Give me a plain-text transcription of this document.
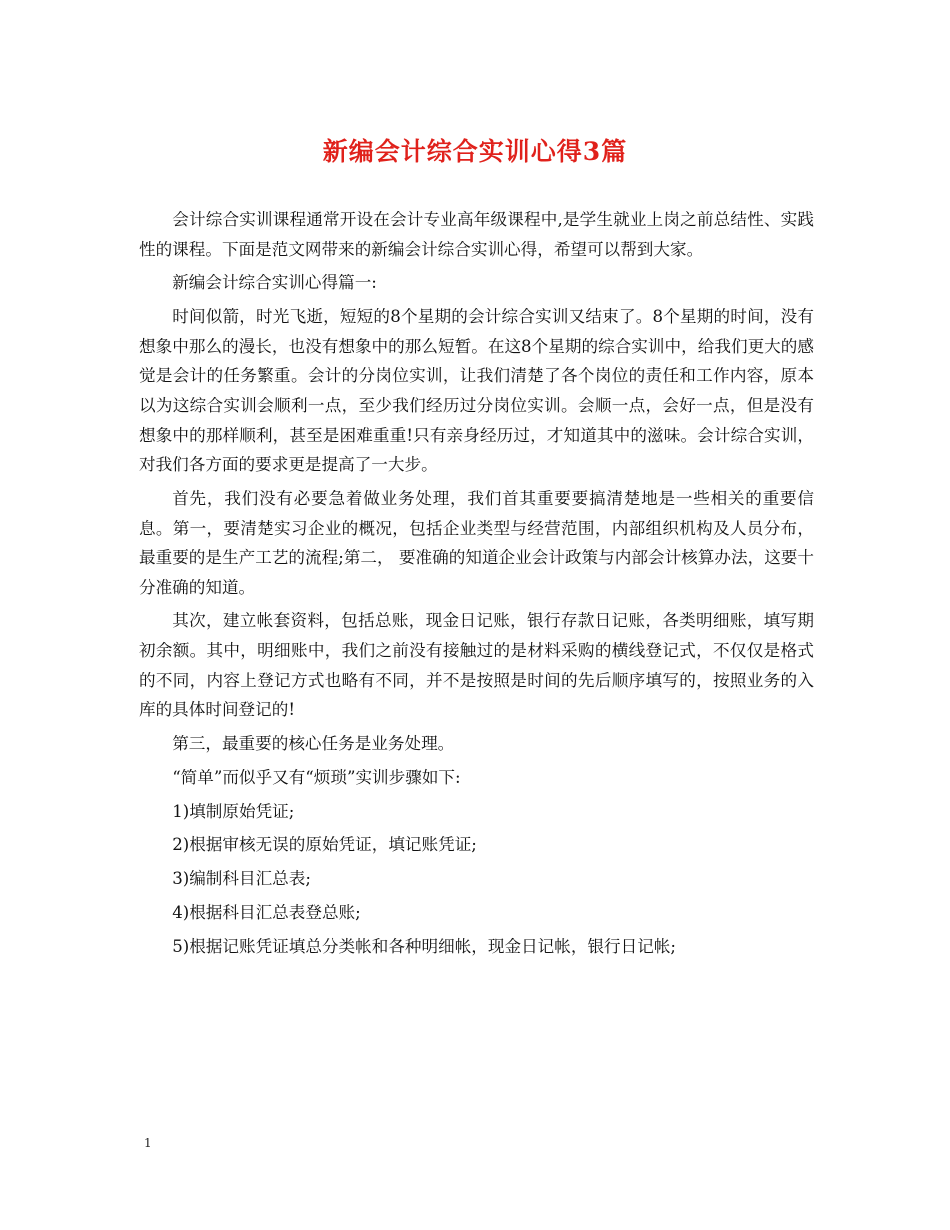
新编会计综合实训心得3篇

会计综合实训课程通常开设在会计专业高年级课程中,是学生就业上岗之前总结性、实践性的课程。下面是范文网带来的新编会计综合实训心得，希望可以帮到大家。

新编会计综合实训心得篇一:

时间似箭，时光飞逝，短短的8个星期的会计综合实训又结束了。8个星期的时间，没有想象中那么的漫长，也没有想象中的那么短暂。在这8个星期的综合实训中，给我们更大的感觉是会计的任务繁重。会计的分岗位实训，让我们清楚了各个岗位的责任和工作内容，原本以为这综合实训会顺利一点，至少我们经历过分岗位实训。会顺一点，会好一点，但是没有想象中的那样顺利，甚至是困难重重!只有亲身经历过，才知道其中的滋味。会计综合实训，对我们各方面的要求更是提高了一大步。

首先，我们没有必要急着做业务处理，我们首其重要要搞清楚地是一些相关的重要信息。第一，要清楚实习企业的概况，包括企业类型与经营范围，内部组织机构及人员分布，最重要的是生产工艺的流程;第二， 要准确的知道企业会计政策与内部会计核算办法，这要十分准确的知道。

其次，建立帐套资料，包括总账，现金日记账，银行存款日记账，各类明细账，填写期初余额。其中，明细账中，我们之前没有接触过的是材料采购的横线登记式，不仅仅是格式的不同，内容上登记方式也略有不同，并不是按照是时间的先后顺序填写的，按照业务的入库的具体时间登记的!

第三，最重要的核心任务是业务处理。

“简单”而似乎又有“烦琐”实训步骤如下:

1)填制原始凭证;

2)根据审核无误的原始凭证，填记账凭证;

3)编制科目汇总表;

4)根据科目汇总表登总账;

5)根据记账凭证填总分类帐和各种明细帐，现金日记帐，银行日记帐;

1
